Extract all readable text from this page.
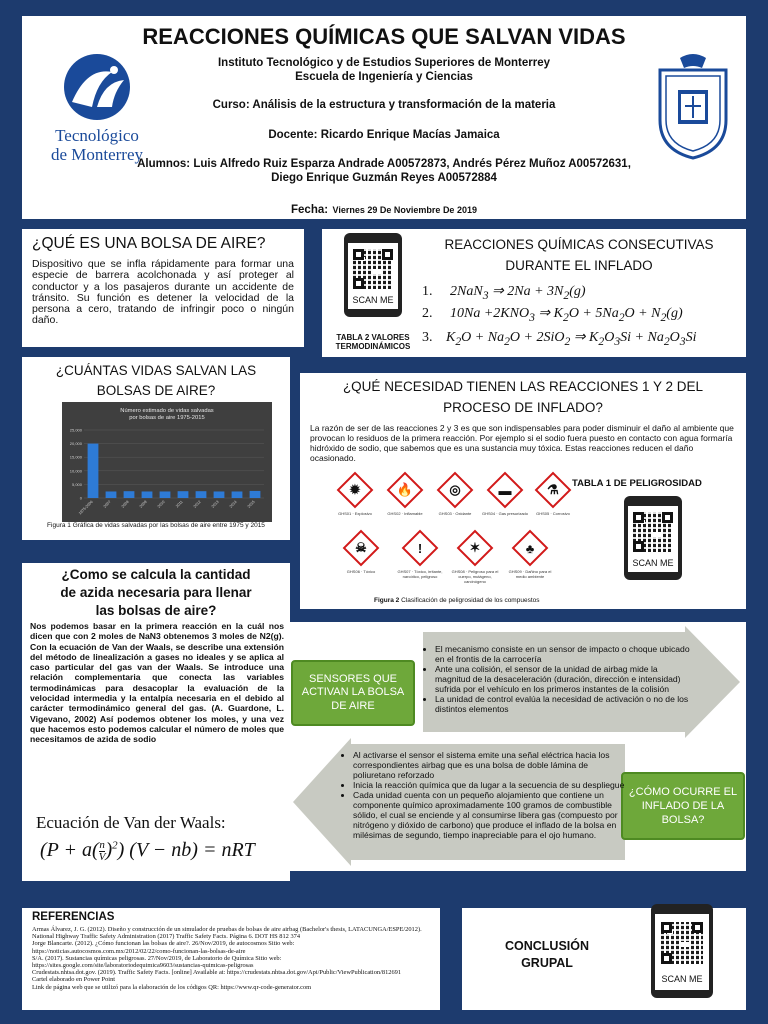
REACCIONES QUÍMICAS QUE SALVAN VIDAS
Tecnológico
de Monterrey
Instituto Tecnológico y de Estudios Superiores de Monterrey
Escuela de Ingeniería y Ciencias
Curso: Análisis de la estructura y transformación de la materia
Docente: Ricardo Enrique Macías Jamaica
Alumnos: Luis Alfredo Ruiz Esparza Andrade A00572873, Andrés Pérez Muñoz A00572631,
Diego Enrique Guzmán Reyes A00572884
Fecha: Viernes 29 De Noviembre De 2019
¿QUÉ ES UNA BOLSA DE AIRE?
Dispositivo que se infla rápidamente para formar una especie de barrera acolchonada y así proteger al conductor y a los pasajeros durante un accidente de tránsito. Su función es detener la velocidad de la persona a cero, tratando de infringir poco o ningún daño.
SCAN ME
TABLA 2 VALORES TERMODINÁMICOS
REACCIONES QUÍMICAS CONSECUTIVAS
DURANTE EL INFLADO
1. 2NaN$_3$ ⇒ $2Na + 3N_2(g)$
2. $10Na +2KNO_3$ ⇒ $K_2O + 5Na_2O + N_2(g)$
3. $K_2O + Na_2O + 2SiO_2$ ⇒ $K_2O_3Si + Na_2O_3Si$
¿CUÁNTAS VIDAS SALVAN LAS
BOLSAS DE AIRE?
Número estimado de vidas salvadas por bolsas de aire 1975-2015
25,000
20,000
15,000
10,000
5,000
0
1975-2006 2007 2008 2009 2010 2011 2012 2013 2014 2015
Figura 1 Gráfica de vidas salvadas por las bolsas de aire entre 1975 y 2015
¿QUÉ NECESIDAD TIENEN LAS REACCIONES 1 Y 2 DEL
PROCESO DE INFLADO?
La razón de ser de las reacciones 2 y 3 es que son indispensables para poder disminuir el daño al ambiente que provocan lo residuos de la primera reacción. Por ejemplo si el sodio fuera puesto en contacto con agua formaría hidróxido de sodio, que sabemos que es una sustancia muy tóxica. Estas reacciones reducen el daño ocasionado.
TABLA 1 DE PELIGROSIDAD
✹
GHS01 · Explosivo
🔥
GHS02 · Inflamable
◎
GHS03 · Oxidante
▬
GHS04 · Gas presurizado
⚗
GHS05 · Corrosivo
☠
GHS06 · Tóxico
!
GHS07 · Tóxico, irritante, narcótico, peligroso
✶
GHS08 · Peligroso para el cuerpo, mutágeno, carcinógeno
♣
GHS09 · Dañino para el medio ambiente
SCAN ME
Figura 2 Clasificación de peligrosidad de los compuestos
¿Como se calcula la cantidad
de azida necesaria para llenar
las bolsas de aire?
Nos podemos basar en la primera reacción en la cuál nos dicen que con 2 moles de NaN3 obtenemos 3 moles de N2(g). Con la ecuación de Van der Waals, se describe una extensión del método de linealización a gases no ideales y se aplica al caso particular del gas van der Waals. Se introduce una relación complementaria que conecta las variables termodinámicas para desacoplar la evaluación de la velocidad intermedia y la entalpía necesaria en el debido al carácter termodinámico general del gas. (A. Guardone, L. Vigevano, 2002) Así podemos obtener los moles, y una vez que hacemos esto podemos calcular el número de moles que necesitamos de azida de sodio
Ecuación de Van der Waals:
$(P + a( \frac{n}{V} )^2)$ (V − nb) = nRT
SENSORES QUE ACTIVAN LA BOLSA DE AIRE
• El mecanismo consiste en un sensor de impacto o choque ubicado en el frontis de la carrocería
• Ante una colisión, el sensor de la unidad de airbag mide la magnitud de la desaceleración (duración, dirección e intensidad) sufrida por el vehículo en los primeros instantes de la colisión
• La unidad de control evalúa la necesidad de activación o no de los distintos elementos
¿CÓMO OCURRE EL INFLADO DE LA BOLSA?
• Al activarse el sensor el sistema emite una señal eléctrica hacia los correspondientes airbag que es una bolsa de doble lámina de poliuretano reforzado
• Inicia la reacción química que da lugar a la secuencia de su despliegue
• Cada unidad cuenta con un pequeño alojamiento que contiene un componente químico aproximadamente 100 gramos de combustible sólido, el cual se enciende y al consumirse libera gas (compuesto por nitrógeno y dióxido de carbono) que produce el inflado de la bolsa en milésimas de segundo, tiempo inapreciable para el ojo humano.
REFERENCIAS

Armas Álvarez, J. G. (2012). Diseño y construcción de un simulador de pruebas de bolsas de aire airbag (Bachelor's thesis, LATACUNGA/ESPE/2012).

National Highway Traffic Safety Administration (2017) Traffic Safety Facts. Página 6. DOT HS 812 374

Jorge Blancarte. (2012). ¿Cómo funcionan las bolsas de aire?. 26/Nov/2019, de autocosmos Sitio web: https://noticias.autocosmos.com.mx/2012/02/22/como-funcionan-las-bolsas-de-aire

S/A. (2017). Sustancias químicas peligrosas. 27/Nov/2019, de Laboratorio de Química Sitio web: https://sites.google.com/site/laboratoriodequimica9603/sustancias-quimicas-peligrosas

Crudestats.nhtsa.dot.gov. (2019). Traffic Safety Facts. [online] Available at: https://crudestats.nhtsa.dot.gov/Api/Public/ViewPublication/812691

Cartel elaborado en Power Point

Link de página web que se utilizó para la elaboración de los códigos QR: https://www.qr-code-generator.com

CONCLUSIÓN
GRUPAL
SCAN ME
